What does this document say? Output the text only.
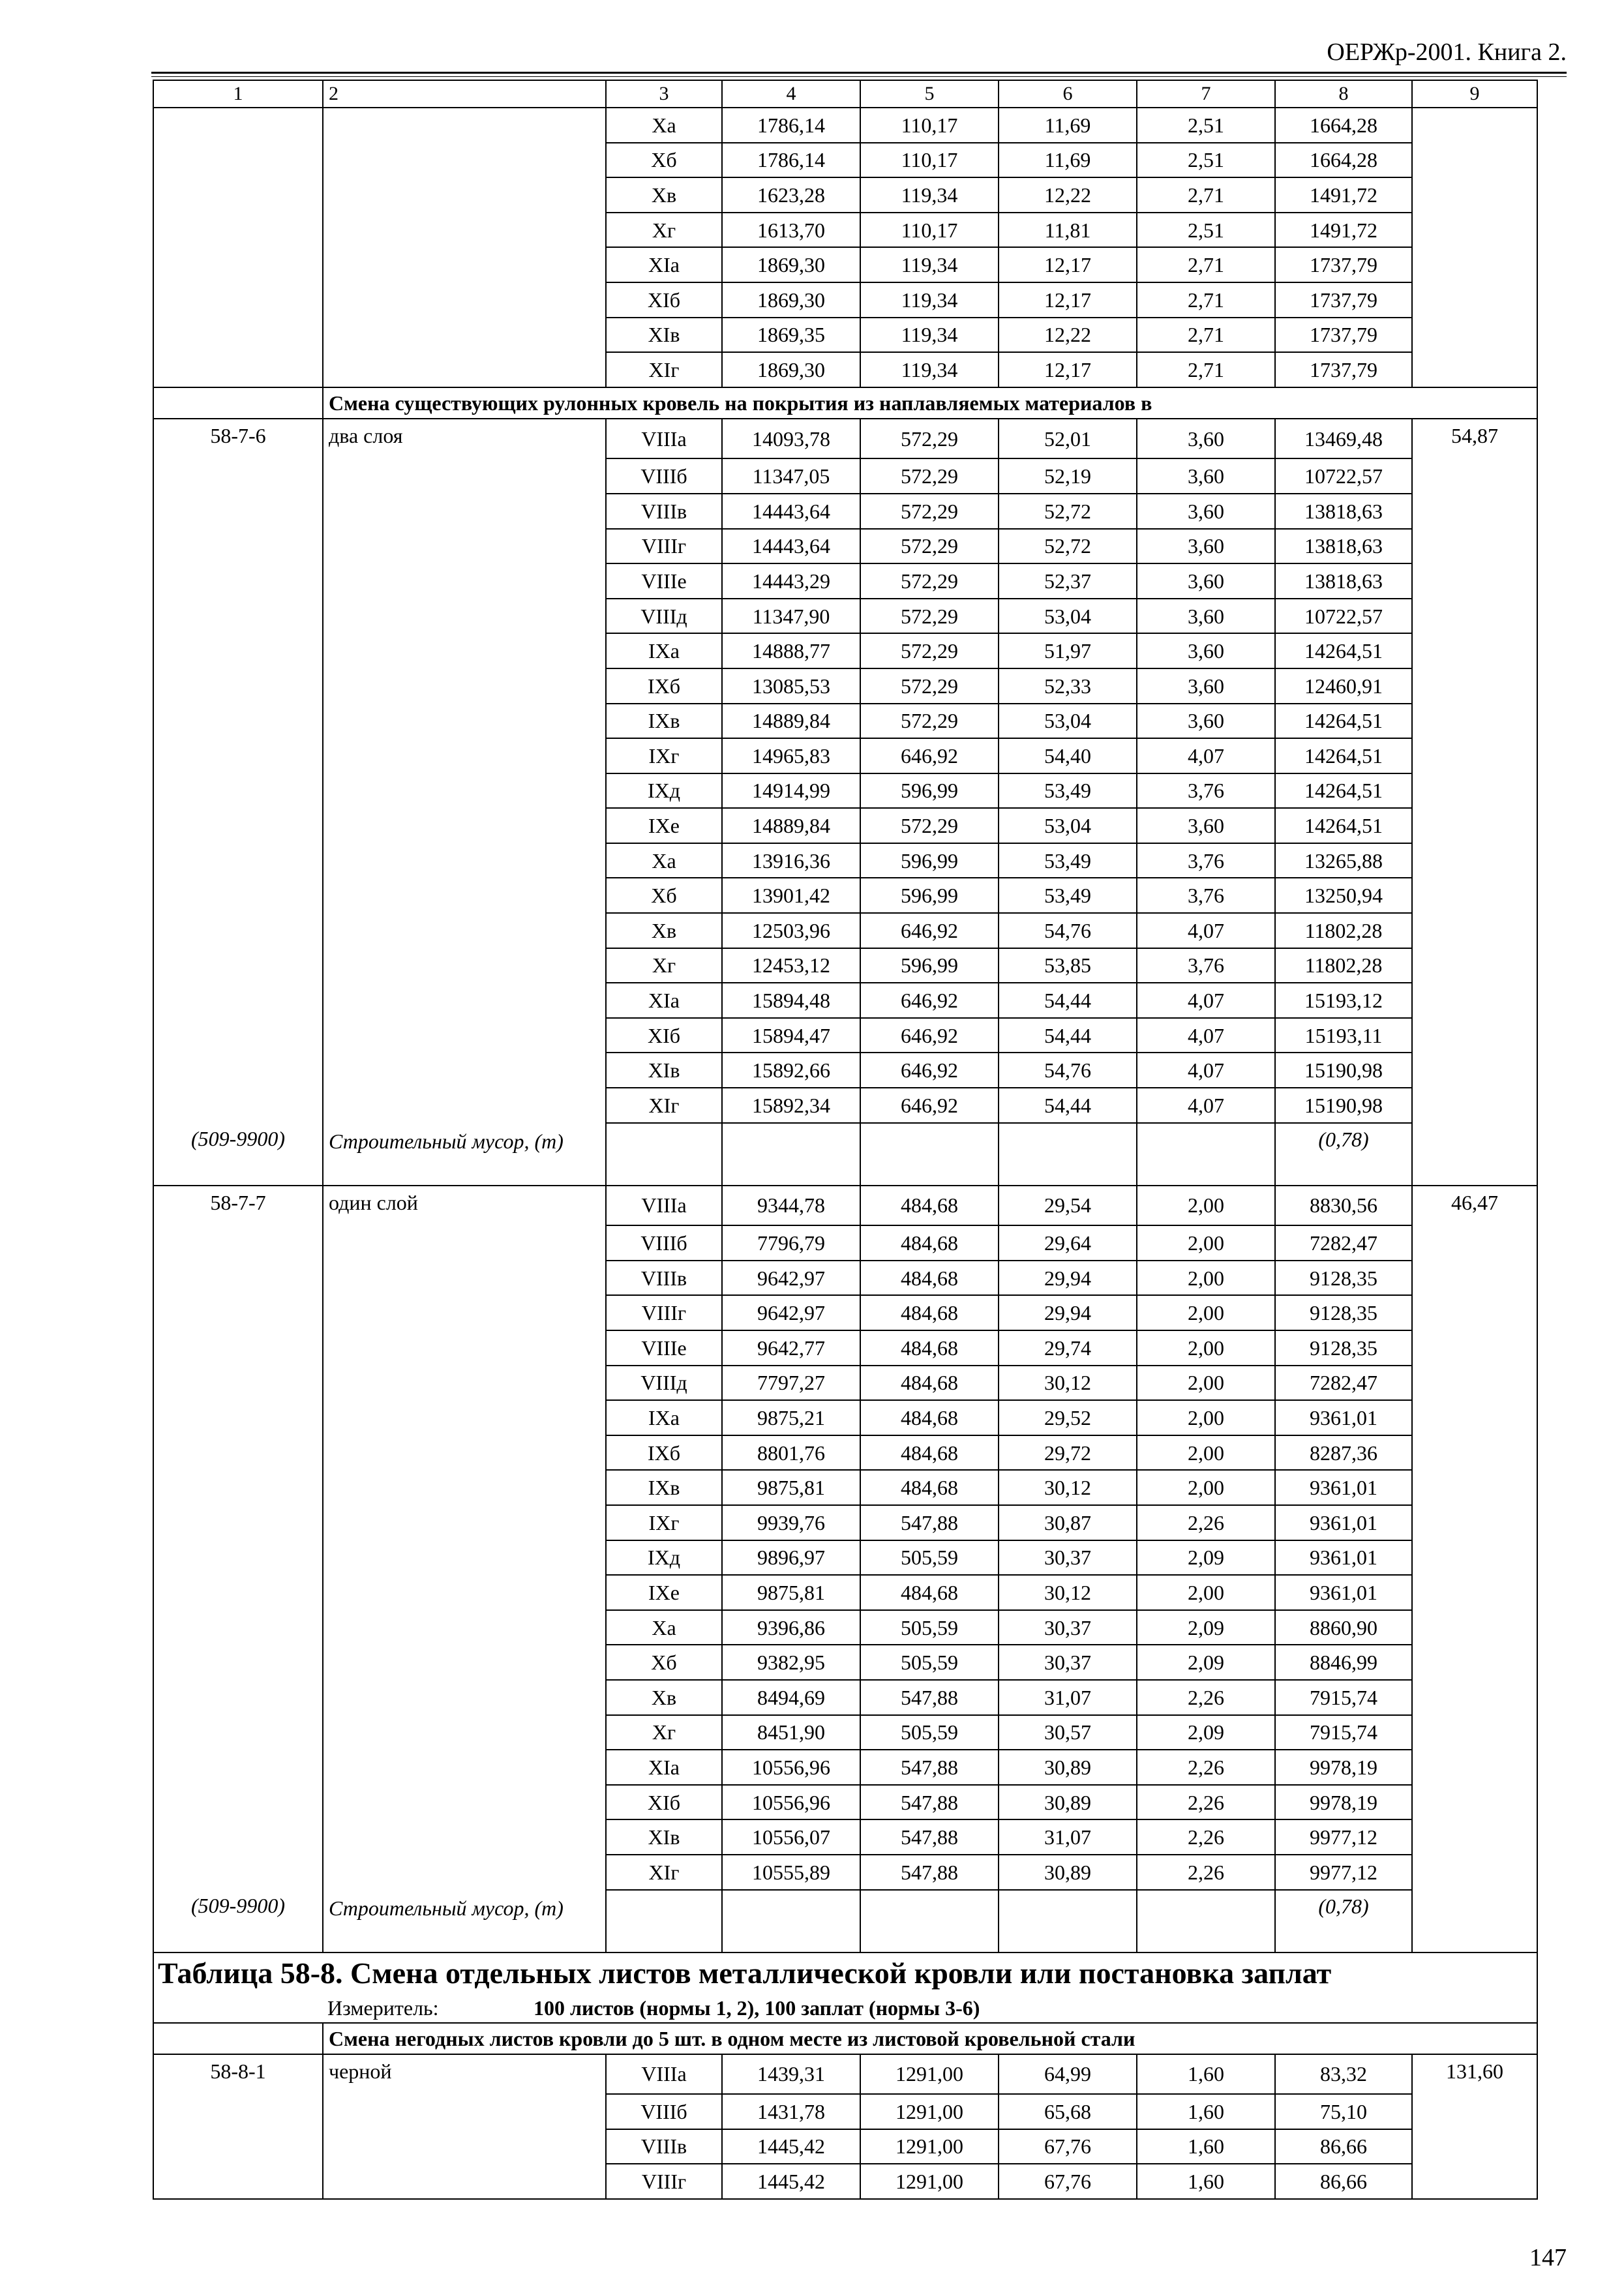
ОЕРЖр-2001. Книга 2.
1	2	3	4	5	6	7	8	9
		Xa	1786,14	110,17	11,69	2,51	1664,28	
		Xб	1786,14	110,17	11,69	2,51	1664,28	
		Xв	1623,28	119,34	12,22	2,71	1491,72	
		Xг	1613,70	110,17	11,81	2,51	1491,72	
		XIa	1869,30	119,34	12,17	2,71	1737,79	
		XIб	1869,30	119,34	12,17	2,71	1737,79	
		XIв	1869,35	119,34	12,22	2,71	1737,79	
		XIг	1869,30	119,34	12,17	2,71	1737,79	
	Смена существующих рулонных кровель на покрытия из наплавляемых материалов в							
58-7-6	два слоя	VIIIa	14093,78	572,29	52,01	3,60	13469,48	54,87
		VIIIб	11347,05	572,29	52,19	3,60	10722,57	
		VIIIв	14443,64	572,29	52,72	3,60	13818,63	
		VIIIг	14443,64	572,29	52,72	3,60	13818,63	
		VIIIе	14443,29	572,29	52,37	3,60	13818,63	
		VIIIд	11347,90	572,29	53,04	3,60	10722,57	
		IXa	14888,77	572,29	51,97	3,60	14264,51	
		IXб	13085,53	572,29	52,33	3,60	12460,91	
		IXв	14889,84	572,29	53,04	3,60	14264,51	
		IXг	14965,83	646,92	54,40	4,07	14264,51	
		IXд	14914,99	596,99	53,49	3,76	14264,51	
		IXе	14889,84	572,29	53,04	3,60	14264,51	
		Xa	13916,36	596,99	53,49	3,76	13265,88	
		Xб	13901,42	596,99	53,49	3,76	13250,94	
		Xв	12503,96	646,92	54,76	4,07	11802,28	
		Xг	12453,12	596,99	53,85	3,76	11802,28	
		XIa	15894,48	646,92	54,44	4,07	15193,12	
		XIб	15894,47	646,92	54,44	4,07	15193,11	
		XIв	15892,66	646,92	54,76	4,07	15190,98	
		XIг	15892,34	646,92	54,44	4,07	15190,98	
(509-9900)	Строительный мусор, (т)						(0,78)	
58-7-7	один слой	VIIIa	9344,78	484,68	29,54	2,00	8830,56	46,47
		VIIIб	7796,79	484,68	29,64	2,00	7282,47	
		VIIIв	9642,97	484,68	29,94	2,00	9128,35	
		VIIIг	9642,97	484,68	29,94	2,00	9128,35	
		VIIIе	9642,77	484,68	29,74	2,00	9128,35	
		VIIIд	7797,27	484,68	30,12	2,00	7282,47	
		IXa	9875,21	484,68	29,52	2,00	9361,01	
		IXб	8801,76	484,68	29,72	2,00	8287,36	
		IXв	9875,81	484,68	30,12	2,00	9361,01	
		IXг	9939,76	547,88	30,87	2,26	9361,01	
		IXд	9896,97	505,59	30,37	2,09	9361,01	
		IXе	9875,81	484,68	30,12	2,00	9361,01	
		Xa	9396,86	505,59	30,37	2,09	8860,90	
		Xб	9382,95	505,59	30,37	2,09	8846,99	
		Xв	8494,69	547,88	31,07	2,26	7915,74	
		Xг	8451,90	505,59	30,57	2,09	7915,74	
		XIa	10556,96	547,88	30,89	2,26	9978,19	
		XIб	10556,96	547,88	30,89	2,26	9978,19	
		XIв	10556,07	547,88	31,07	2,26	9977,12	
		XIг	10555,89	547,88	30,89	2,26	9977,12	
(509-9900)	Строительный мусор, (т)						(0,78)	
Таблица 58-8. Смена отдельных листов металлической кровли или постановка заплат								
Измеритель: 100 листов (нормы 1, 2), 100 заплат (нормы 3-6)								
	Смена негодных листов кровли до 5 шт. в одном месте из листовой кровельной стали							
58-8-1	черной	VIIIa	1439,31	1291,00	64,99	1,60	83,32	131,60
		VIIIб	1431,78	1291,00	65,68	1,60	75,10	
		VIIIв	1445,42	1291,00	67,76	1,60	86,66	
		VIIIг	1445,42	1291,00	67,76	1,60	86,66	
147
